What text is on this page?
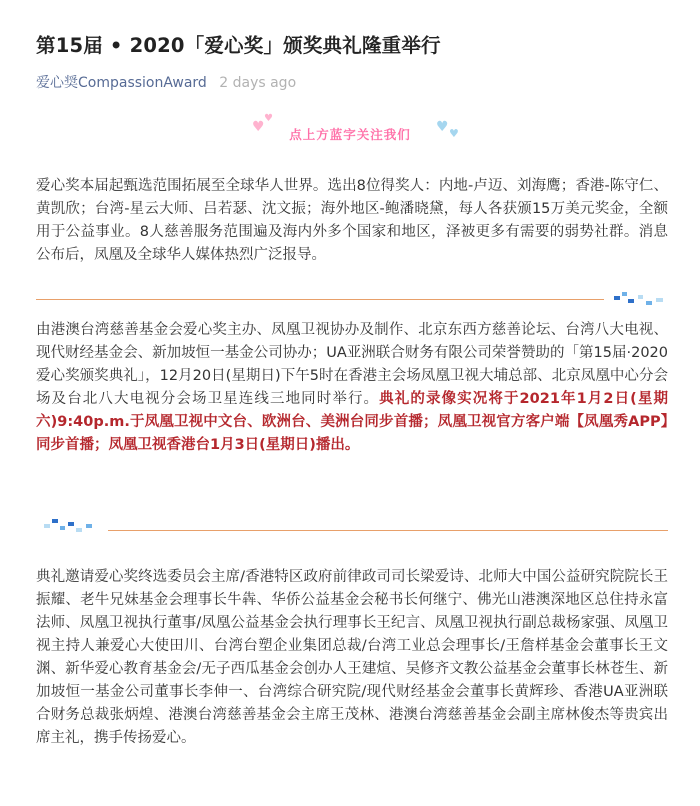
第15届 • 2020「爱心奖」颁奖典礼隆重举行
爱心奨CompassionAward 2 days ago
♥
♥
$_{点上方蓝字关注我们}$ ♥ ♥
爱心奖本届起甄选范围拓展至全球华人世界。选出8位得奖人：内地-卢迈、刘海鹰；香港-陈守仁、黄凯欣；台湾-星云大师、吕若瑟、沈文振；海外地区-鲍潘晓黛，每人各获颁15万美元奖金，全额用于公益事业。8人慈善服务范围遍及海内外多个国家和地区，泽被更多有需要的弱势社群。消息公布后，凤凰及全球华人媒体热烈广泛报导。
由港澳台湾慈善基金会爱心奖主办、凤凰卫视协办及制作、北京东西方慈善论坛、台湾八大电视、现代财经基金会、新加坡恒一基金公司协办；UA亚洲联合财务有限公司荣誉赞助的「第15届·2020爱心奖颁奖典礼」，12月20日(星期日)下午5时在香港主会场凤凰卫视大埔总部、北京凤凰中心分会场及台北八大电视分会场卫星连线三地同时举行。典礼的录像实况将于2021年1月2日(星期六)9:40p.m.于凤凰卫视中文台、欧洲台、美洲台同步首播；凤凰卫视官方客户端【凤凰秀APP】同步首播；凤凰卫视香港台1月3日(星期日)播出。
典礼邀请爱心奖终选委员会主席/香港特区政府前律政司司长梁爱诗、北师大中国公益研究院院长王振耀、老牛兄妹基金会理事长牛犇、华侨公益基金会秘书长何继宁、佛光山港澳深地区总住持永富法师、凤凰卫视执行董事/凤凰公益基金会执行理事长王纪言、凤凰卫视执行副总裁杨家强、凤凰卫视主持人兼爱心大使田川、台湾台塑企业集团总裁/台湾工业总会理事长/王詹样基金会董事长王文渊、新华爱心教育基金会/无子西瓜基金会创办人王建煊、吴修齐文教公益基金会董事长林苍生、新加坡恒一基金公司董事长李伸一、台湾综合研究院/现代财经基金会董事长黄辉珍、香港UA亚洲联合财务总裁张炳煌、港澳台湾慈善基金会主席王茂林、港澳台湾慈善基金会副主席林俊杰等贵宾出席主礼，携手传扬爱心。
